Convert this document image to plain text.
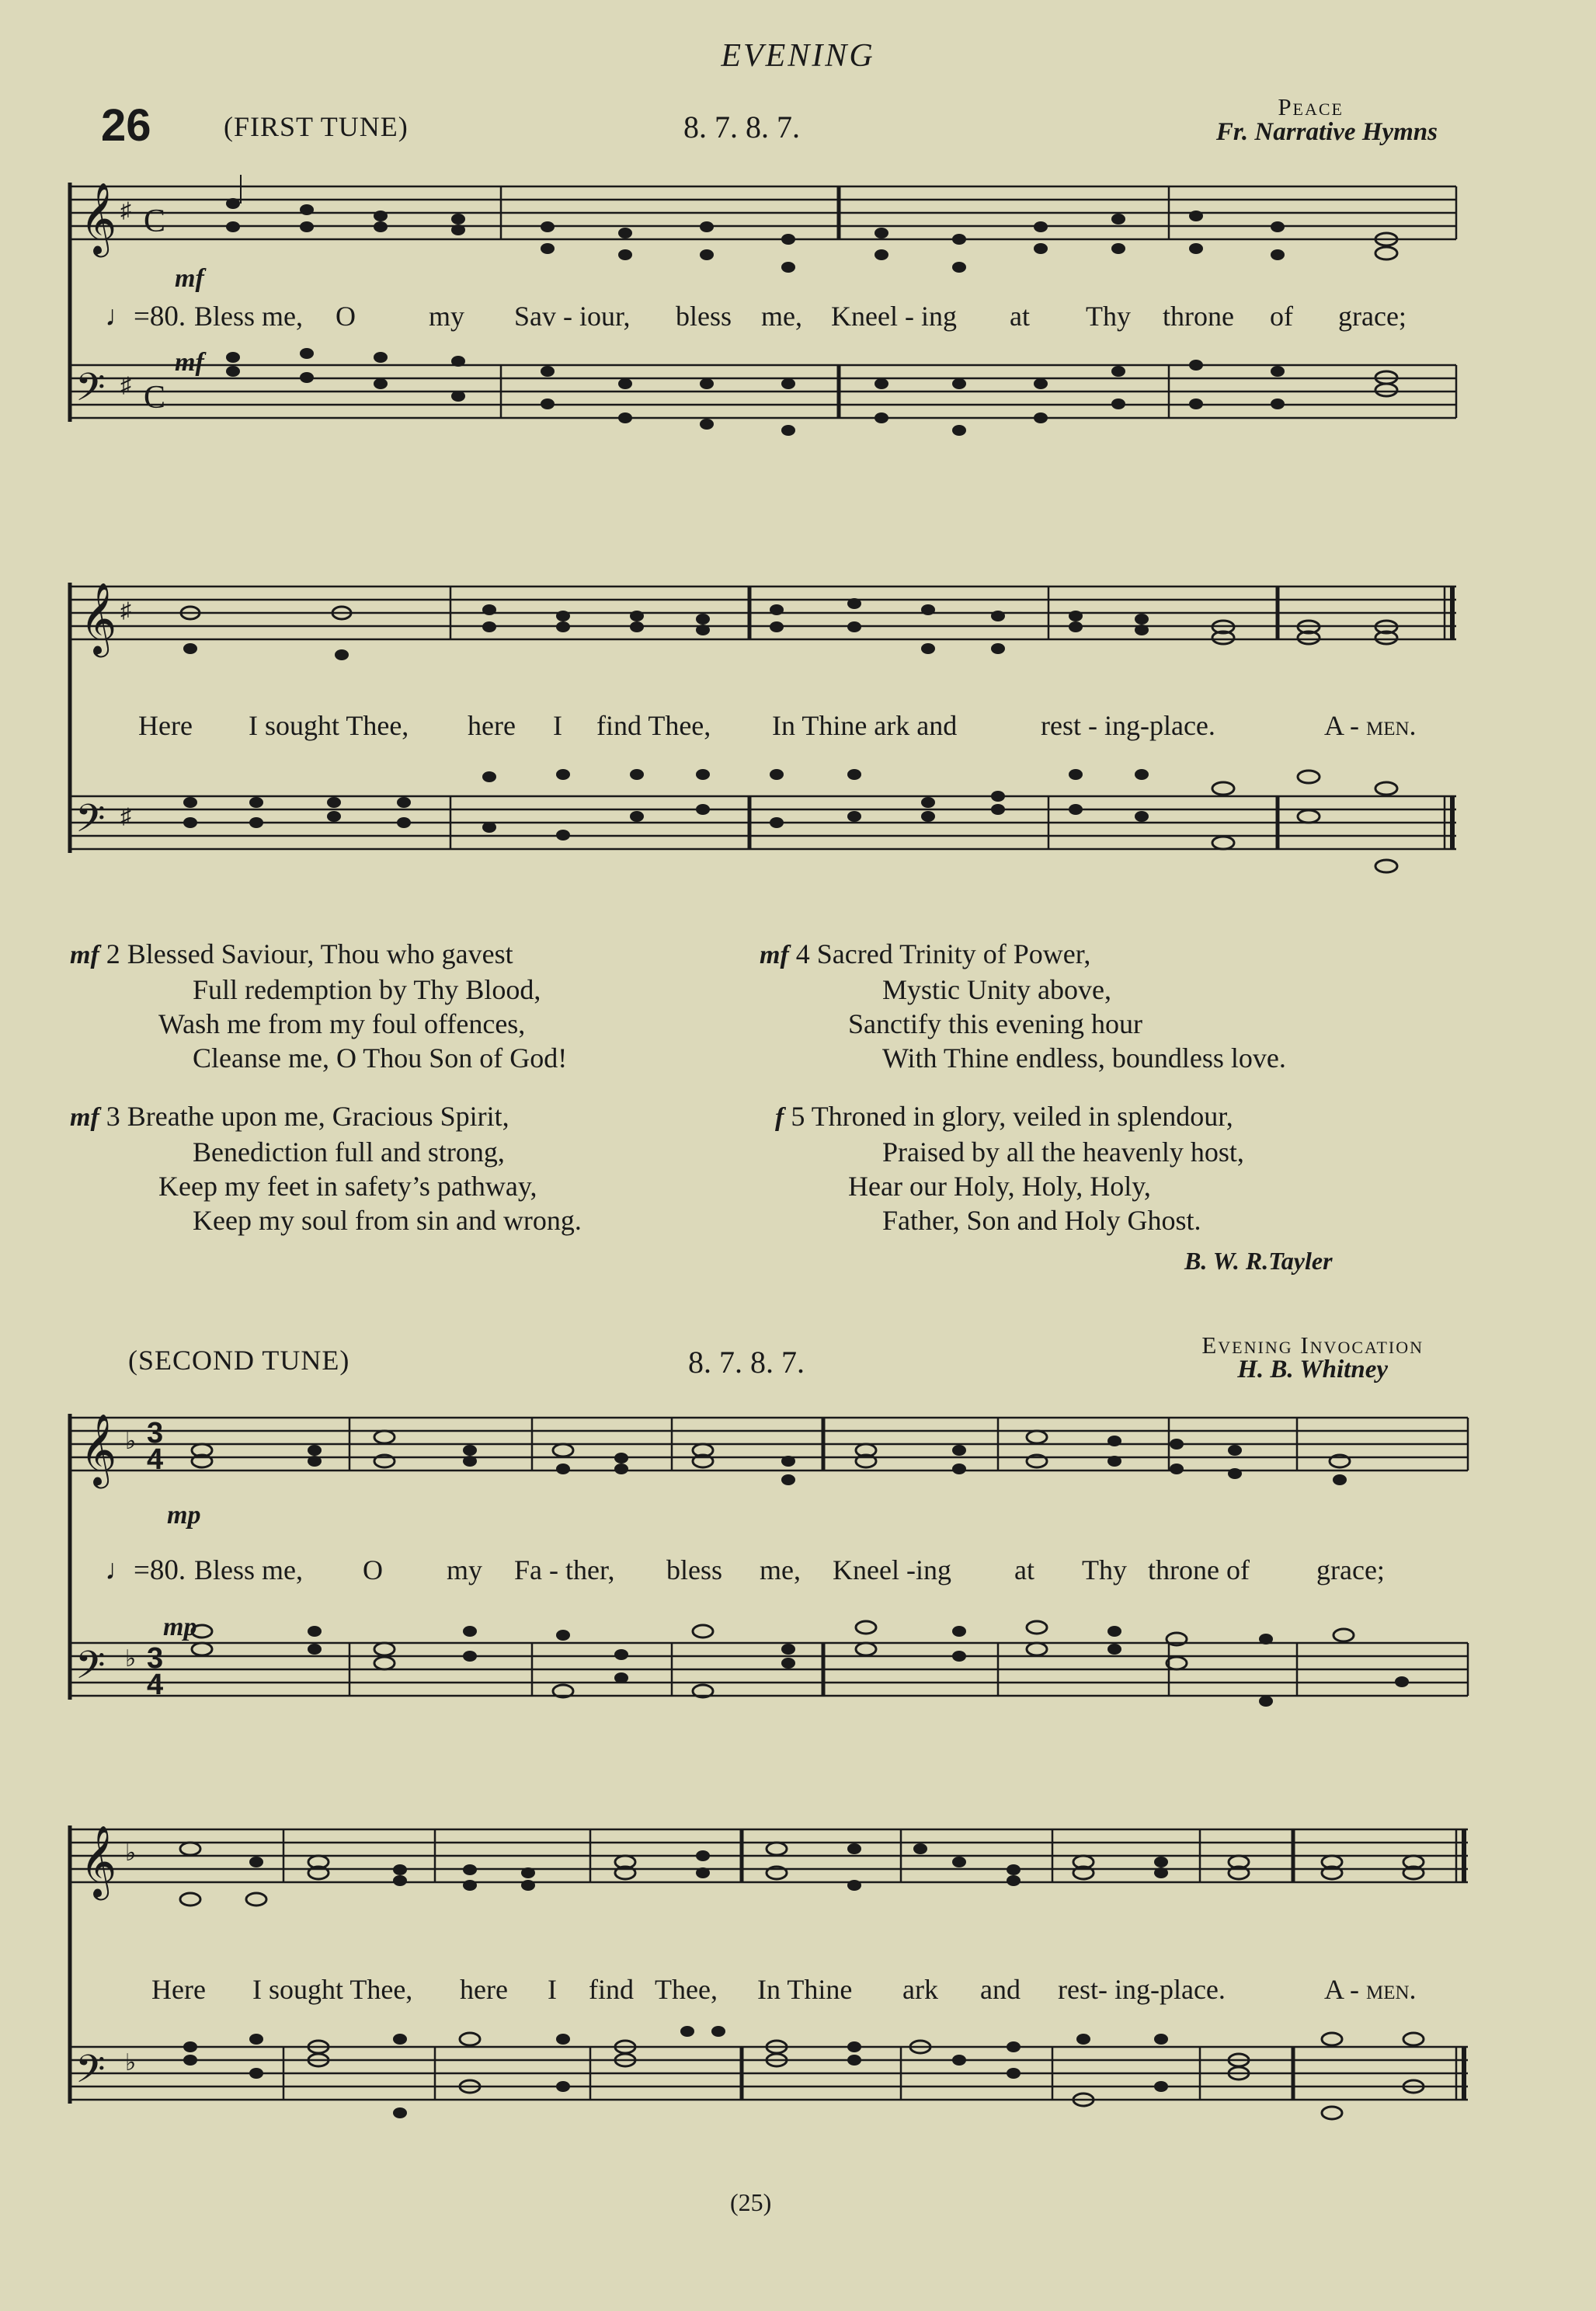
EVENING
26	(FIRST TUNE)	8. 7. 8. 7.
Peace
Fr. Narrative Hymns
𝄞
𝄢
♯
♯
C
C
mf
mf
♩=80. Bless me, O	my Sav - iour, bless me, Kneel - ing at Thy throne of grace;
𝄞
𝄢
♯
♯
Here I sought Thee, here I find Thee, In Thine ark and	rest - ing-place.	A - men.
mf 2 Blessed Saviour, Thou who gavest
Full redemption by Thy Blood,
Wash me from my foul offences,
Cleanse me, O Thou Son of God!
mf 3 Breathe upon me, Gracious Spirit,
Benediction full and strong,
Keep my feet in safety’s pathway,
Keep my soul from sin and wrong.
mf 4 Sacred Trinity of Power,
Mystic Unity above,
Sanctify this evening hour
With Thine endless, boundless love.
f 5 Throned in glory, veiled in splendour,
Praised by all the heavenly host,
Hear our Holy, Holy, Holy,
Father, Son and Holy Ghost.
B. W. R.Tayler
(SECOND TUNE)	8. 7. 8. 7.	Evening Invocation
H. B. Whitney
𝄞
𝄢
♭
♭
3
4
3
4
mp
mp
♩=80. Bless me, O my Fa - ther, bless me, Kneel -ing at Thy throne of grace;
𝄞
𝄢
♭
♭
Here I sought Thee, here I find Thee, In Thine ark and rest- ing-place.	A - men.
(25)
